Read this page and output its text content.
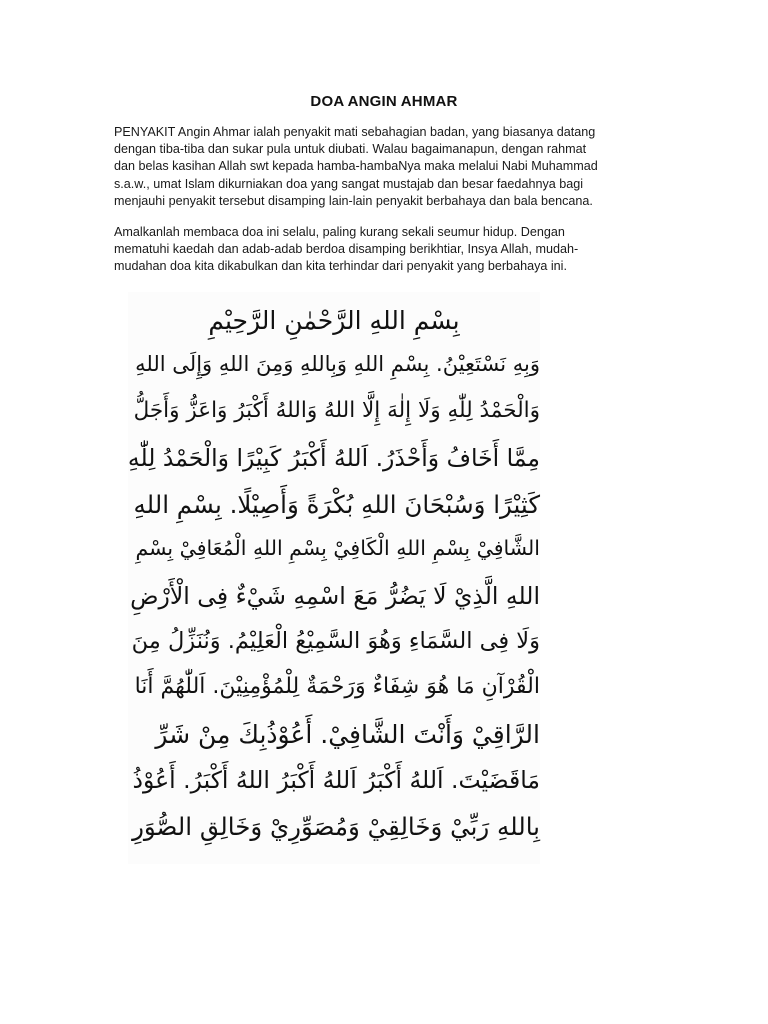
DOA ANGIN AHMAR
PENYAKIT Angin Ahmar ialah penyakit mati sebahagian badan, yang biasanya datang
dengan tiba-tiba dan sukar pula untuk diubati. Walau bagaimanapun, dengan rahmat
dan belas kasihan Allah swt kepada hamba-hambaNya maka melalui Nabi Muhammad
s.a.w., umat Islam dikurniakan doa yang sangat mustajab dan besar faedahnya bagi
menjauhi penyakit tersebut disamping lain-lain penyakit berbahaya dan bala bencana.
Amalkanlah membaca doa ini selalu, paling kurang sekali seumur hidup. Dengan
mematuhi kaedah dan adab-adab berdoa disamping berikhtiar, Insya Allah, mudah-
mudahan doa kita dikabulkan dan kita terhindar dari penyakit yang berbahaya ini.
بِسْمِ اللهِ الرَّحْمٰنِ الرَّحِيْمِ
وَبِهِ نَسْتَعِيْنُ. بِسْمِ اللهِ وَبِاللهِ وَمِنَ اللهِ وَإِلَى اللهِ
وَالْحَمْدُ لِلّٰهِ وَلَا إِلٰهَ إِلَّا اللهُ وَاللهُ أَكْبَرُ وَاعَزُّ وَأَجَلُّ
مِمَّا أَخَافُ وَأَحْذَرُ. اَللهُ أَكْبَرُ كَبِيْرًا وَالْحَمْدُ لِلّٰهِ
كَثِيْرًا وَسُبْحَانَ اللهِ بُكْرَةً وَأَصِيْلًا. بِسْمِ اللهِ
الشَّافِيْ بِسْمِ اللهِ الْكَافِيْ بِسْمِ اللهِ الْمُعَافِيْ بِسْمِ
اللهِ الَّذِيْ لَا يَضُرُّ مَعَ اسْمِهِ شَيْءٌ فِى الْأَرْضِ
وَلَا فِى السَّمَاءِ وَهُوَ السَّمِيْعُ الْعَلِيْمُ. وَنُنَزِّلُ مِنَ
الْقُرْآنِ مَا هُوَ شِفَاءٌ وَرَحْمَةٌ لِلْمُؤْمِنِيْنَ. اَللّٰهُمَّ أَنَا
الرَّاقِيْ وَأَنْتَ الشَّافِيْ. أَعُوْذُبِكَ مِنْ شَرِّ
مَاقَضَيْتَ. اَللهُ أَكْبَرُ اَللهُ أَكْبَرُ اللهُ أَكْبَرُ. أَعُوْذُ
بِاللهِ رَبِّيْ وَخَالِقِيْ وَمُصَوِّرِيْ وَخَالِقِ الصُّوَرِ
